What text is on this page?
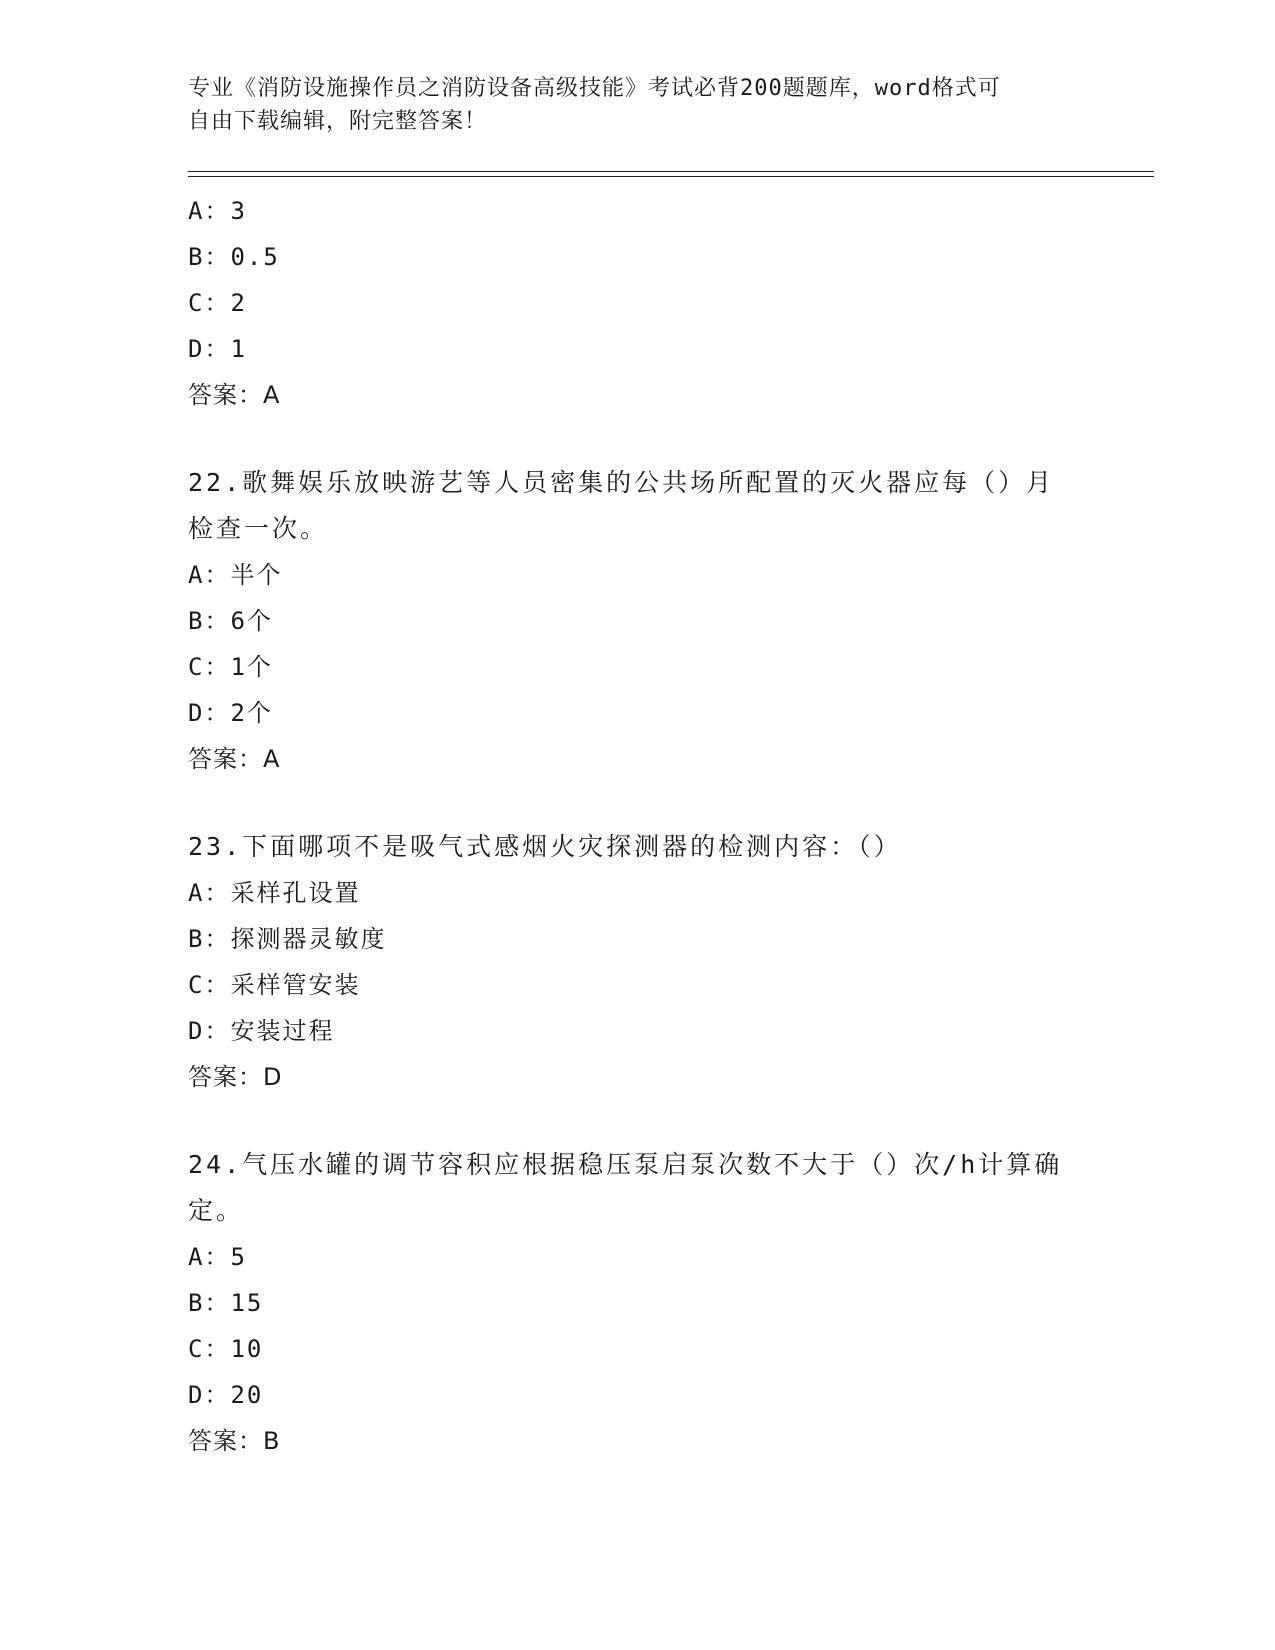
专业《消防设施操作员之消防设备高级技能》考试必背200题题库，word格式可
自由下载编辑，附完整答案！
A：3
B：0.5
C：2
D：1
答案：A
22.歌舞娱乐放映游艺等人员密集的公共场所配置的灭火器应每（）月
检查一次。
A：半个
B：6个
C：1个
D：2个
答案：A
23.下面哪项不是吸气式感烟火灾探测器的检测内容：（）
A：采样孔设置
B：探测器灵敏度
C：采样管安装
D：安装过程
答案：D
24.气压水罐的调节容积应根据稳压泵启泵次数不大于（）次/h计算确
定。
A：5
B：15
C：10
D：20
答案：B
